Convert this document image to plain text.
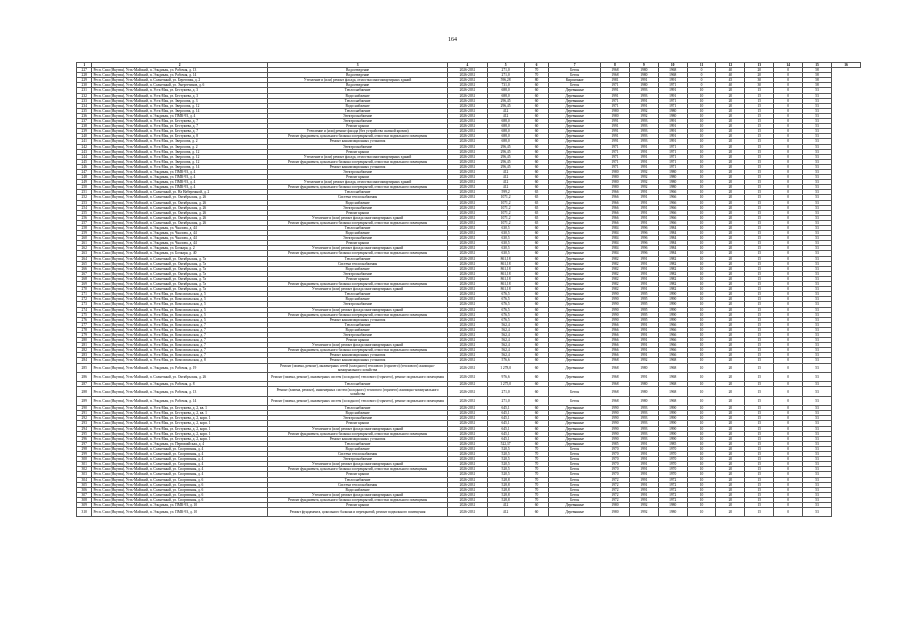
164
1	2	3	4	5	6	7	8	9	10	11	12	13	14	15	16
227	Респ. Саха (Якутия), Усть-Майский, п. Эльдикан, ул. Рабочая, д. 13	Водоотведение	2026-2031	271,0	70	Бетон	1968	1980	1968	0	40	20	0	58	
228	Респ. Саха (Якутия), Усть-Майский, п. Эльдикан, ул. Рабочая, д. 14	Водоотведение	2026-2031	271,0	70	Бетон	1968	1980	1968	0	40	20	0	58	
229	Респ. Саха (Якутия), Усть-Майский, п. Солнечный, ул. Береговая, д. 2	Утепление и (или) ремонт фасада, отмостки многоквартирных зданий	2026-2031	596,28	80	Кирпичные	1981	1991	1991	0	45	30	0	58	
230	Респ. Саха (Якутия), Усть-Майский, п. Солнечный, ул. Энергетиков, д. 6	Водоотведение	2026-2031	731,0	60	Бетон	1971	1980	1971	0	40	30	0	58	
231	Респ. Саха (Якутия), Усть-Майский, п. Усть-Мая, ул. Бестужева, д. 3	Теплоснабжение	2026-2031	688,0	60	Деревянные	1991	1993	1991	10	20	15	0	53	
232	Респ. Саха (Якутия), Усть-Майский, п. Усть-Мая, ул. Бестужева, д. 3	Водоснабжение	2026-2031	688,0	60	Деревянные	1991	1993	1991	10	20	15	0	53	
233	Респ. Саха (Якутия), Усть-Майский, п. Усть-Мая, ул. Зверосова, д. 3	Теплоснабжение	2026-2031	296,45	60	Деревянные	1971	1991	1971	10	20	15	0	53	
234	Респ. Саха (Якутия), Усть-Майский, п. Усть-Мая, ул. Зверосова, д. 12	Водоснабжение	2026-2031	296,45	60	Деревянные	1971	1991	1971	10	20	15	0	53	
235	Респ. Саха (Якутия), Усть-Майский, п. Усть-Мая, ул. Зверосова, д. 14	Теплоснабжение	2026-2031	412	60	Деревянные	1980	1992	1980	10	20	15	0	53	
236	Респ. Саха (Якутия), Усть-Майский, п. Эльдикан, ул. ПМК-93, д. 4	Электроснабжение	2026-2031	412	60	Деревянные	1980	1992	1980	10	20	15	0	53	
237	Респ. Саха (Якутия), Усть-Майский, п. Усть-Мая, ул. Бестужева, д. 7	Электроснабжение	2026-2031	688,0	60	Деревянные	1991	1993	1991	10	20	15	0	53	
238	Респ. Саха (Якутия), Усть-Майский, п. Усть-Мая, ул. Бестужева, д. 7	Ремонт крыши	2026-2031	688,0	60	Деревянные	1991	1993	1991	10	20	15	0	53	
239	Респ. Саха (Якутия), Усть-Майский, п. Усть-Мая, ул. Бестужева, д. 7	Утепление и (или) ремонт фасада (без устройства скатной кровли)	2026-2031	688,0	60	Деревянные	1991	1993	1991	10	20	15	0	53	
240	Респ. Саха (Якутия), Усть-Майский, п. Усть-Мая, ул. Бестужева, д. 8	Ремонт фундамента, цокольного балкона и перекрытий, отмостки подвального помещения	2026-2031	688,0	60	Деревянные	1991	1993	1991	10	20	15	0	53	
241	Респ. Саха (Якутия), Усть-Майский, п. Усть-Мая, ул. Зверосова, д. 2	Ремонт канализационных установок	2026-2031	688,0	60	Деревянные	1991	1993	1991	10	20	15	0	53	
242	Респ. Саха (Якутия), Усть-Майский, п. Усть-Мая, ул. Зверосова, д. 2	Электроснабжение	2026-2031	296,45	60	Деревянные	1971	1991	1971	10	20	15	0	53	
243	Респ. Саха (Якутия), Усть-Майский, п. Усть-Мая, ул. Зверосова, д. 12	Ремонт крыши	2026-2031	296,45	60	Деревянные	1971	1991	1971	10	20	15	0	53	
244	Респ. Саха (Якутия), Усть-Майский, п. Усть-Мая, ул. Зверосова, д. 12	Утепление и (или) ремонт фасада, отмостки многоквартирных зданий	2026-2031	296,45	60	Деревянные	1971	1991	1971	10	20	15	0	53	
245	Респ. Саха (Якутия), Усть-Майский, п. Усть-Мая, ул. Зверосова, д. 12	Ремонт фундамента, цокольного балкона и перекрытий, отмостки подвального помещения	2026-2031	296,45	60	Деревянные	1971	1991	1971	10	20	15	0	53	
246	Респ. Саха (Якутия), Усть-Майский, п. Усть-Мая, ул. Зверосова, д. 14	Ремонт канализационных установок	2026-2031	296,45	60	Деревянные	1971	1991	1971	10	20	15	0	53	
247	Респ. Саха (Якутия), Усть-Майский, п. Эльдикан, ул. ПМК-93, д. 4	Электроснабжение	2026-2031	412	60	Деревянные	1980	1992	1980	10	20	15	0	53	
248	Респ. Саха (Якутия), Усть-Майский, п. Эльдикан, ул. ПМК-93, д. 4	Ремонт крыши	2026-2031	412	60	Деревянные	1980	1992	1980	10	20	15	0	53	
249	Респ. Саха (Якутия), Усть-Майский, п. Эльдикан, ул. ПМК-93, д. 4	Утепление и (или) ремонт фасада, отмостки многоквартирных зданий	2026-2031	412	60	Деревянные	1980	1992	1980	10	20	15	0	53	
250	Респ. Саха (Якутия), Усть-Майский, п. Эльдикан, ул. ПМК-93, д. 4	Ремонт фундамента, цокольного балкона и перекрытий, отмостки подвального помещения	2026-2031	412	60	Деревянные	1980	1992	1980	10	20	15	0	53	
251	Респ. Саха (Якутия), Усть-Майский, п. Солнечный, ул. На Набережной, д. 2	Теплоснабжение	2026-2031	599,2	65	Деревянные	1966	1991	1966	10	20	15	0	53	
252	Респ. Саха (Якутия), Усть-Майский, п. Солнечный, ул. Октябрьская, д. 26	Система теплоснабжения	2026-2031	1071,2	65	Деревянные	1966	1991	1966	10	20	15	0	53	
253	Респ. Саха (Якутия), Усть-Майский, п. Солнечный, ул. Октябрьская, д. 26	Водоснабжение	2026-2031	1071,2	65	Деревянные	1966	1991	1966	10	20	15	0	53	
254	Респ. Саха (Якутия), Усть-Майский, п. Солнечный, ул. Октябрьская, д. 26	Электроснабжение	2026-2031	1071,2	65	Деревянные	1966	1991	1966	10	20	15	0	53	
255	Респ. Саха (Якутия), Усть-Майский, п. Солнечный, ул. Октябрьская, д. 26	Ремонт крыши	2026-2031	1071,2	65	Деревянные	1966	1991	1966	10	20	15	0	53	
256	Респ. Саха (Якутия), Усть-Майский, п. Солнечный, ул. Октябрьская, д. 26	Утепление и (или) ремонт фасада многоквартирных зданий	2026-2031	1071,2	65	Деревянные	1966	1991	1966	10	20	15	0	53	
257	Респ. Саха (Якутия), Усть-Майский, п. Солнечный, ул. Октябрьская, д. 26	Ремонт фундамента, цокольного балкона и перекрытий, отмостки подвального помещения	2026-2031	1071,2	65	Деревянные	1966	1991	1966	10	20	15	0	53	
258	Респ. Саха (Якутия), Усть-Майский, п. Эльдикан, ул. Чкалова, д. 44	Теплоснабжение	2026-2031	630,5	60	Деревянные	1984	1996	1984	10	20	15	0	53	
259	Респ. Саха (Якутия), Усть-Майский, п. Эльдикан, ул. Чкалова, д. 44	Водоснабжение	2026-2031	630,5	60	Деревянные	1984	1996	1984	10	20	15	0	53	
260	Респ. Саха (Якутия), Усть-Майский, п. Эльдикан, ул. Чкалова, д. 44	Электроснабжение	2026-2031	630,5	60	Деревянные	1984	1996	1984	10	20	15	0	53	
261	Респ. Саха (Якутия), Усть-Майский, п. Эльдикан, ул. Чкалова, д. 44	Ремонт крыши	2026-2031	630,5	60	Деревянные	1984	1996	1984	10	20	15	0	53	
262	Респ. Саха (Якутия), Усть-Майский, п. Эльдикан, ул. Бочкаря, д. 2	Утепление и (или) ремонт фасада многоквартирных зданий	2026-2031	630,5	60	Деревянные	1984	1996	1984	10	20	15	0	53	
263	Респ. Саха (Якутия), Усть-Майский, п. Эльдикан, ул. Бочкаря, д. 40	Ремонт фундамента, цокольного балкона и перекрытий, отмостки подвального помещения	2026-2031	630,5	60	Деревянные	1984	1996	1984	10	20	15	0	53	
264	Респ. Саха (Якутия), Усть-Майский, п. Солнечный, ул. Октябрьская, д. 7а	Теплоснабжение	2026-2031	861,18	60	Деревянные	1982	1991	1982	10	20	15	0	53	
265	Респ. Саха (Якутия), Усть-Майский, п. Солнечный, ул. Октябрьская, д. 7а	Система теплоснабжения	2026-2031	861,18	60	Деревянные	1982	1991	1982	10	20	15	0	53	
266	Респ. Саха (Якутия), Усть-Майский, п. Солнечный, ул. Октябрьская, д. 7а	Водоснабжение	2026-2031	861,18	60	Деревянные	1982	1991	1982	10	20	15	0	53	
267	Респ. Саха (Якутия), Усть-Майский, п. Солнечный, ул. Октябрьская, д. 7а	Электроснабжение	2026-2031	861,18	60	Деревянные	1982	1991	1982	10	20	15	0	53	
268	Респ. Саха (Якутия), Усть-Майский, п. Солнечный, ул. Октябрьская, д. 7а	Ремонт крыши	2026-2031	861,18	60	Деревянные	1982	1991	1982	10	20	15	0	53	
269	Респ. Саха (Якутия), Усть-Майский, п. Солнечный, ул. Октябрьская, д. 7а	Ремонт фундамента, цокольного балкона и перекрытий, отмостки подвального помещения	2026-2031	861,18	60	Деревянные	1982	1991	1982	10	20	15	0	53	
270	Респ. Саха (Якутия), Усть-Майский, п. Солнечный, ул. Октябрьская, д. 7а	Утепление и (или) ремонт фасада многоквартирных зданий	2026-2031	861,18	60	Деревянные	1982	1991	1982	10	20	15	0	53	
271	Респ. Саха (Якутия), Усть-Майский, п. Усть-Мая, ул. Комсомольская, д. 5	Теплоснабжение	2026-2031	676,5	60	Деревянные	1990	1995	1990	10	20	15	0	53	
272	Респ. Саха (Якутия), Усть-Майский, п. Усть-Мая, ул. Комсомольская, д. 5	Водоснабжение	2026-2031	676,5	60	Деревянные	1990	1995	1990	10	20	15	0	53	
273	Респ. Саха (Якутия), Усть-Майский, п. Усть-Мая, ул. Комсомольская, д. 5	Электроснабжение	2026-2031	676,5	60	Деревянные	1990	1995	1990	10	20	15	0	53	
274	Респ. Саха (Якутия), Усть-Майский, п. Усть-Мая, ул. Комсомольская, д. 5	Утепление и (или) ремонт фасада многоквартирных зданий	2026-2031	676,5	60	Деревянные	1990	1995	1990	10	20	15	0	53	
275	Респ. Саха (Якутия), Усть-Майский, п. Усть-Мая, ул. Комсомольская, д. 5	Ремонт фундамента, цокольного балкона и перекрытий, отмостки подвального помещения	2026-2031	676,5	60	Деревянные	1990	1995	1990	10	20	15	0	53	
276	Респ. Саха (Якутия), Усть-Майский, п. Усть-Мая, ул. Комсомольская, д. 5	Ремонт канализационных установок	2026-2031	676,5	60	Деревянные	1990	1995	1990	10	20	15	0	53	
277	Респ. Саха (Якутия), Усть-Майский, п. Усть-Мая, ул. Комсомольская, д. 7	Теплоснабжение	2026-2031	562,4	60	Деревянные	1966	1991	1966	10	20	15	0	53	
278	Респ. Саха (Якутия), Усть-Майский, п. Усть-Мая, ул. Комсомольская, д. 7	Водоснабжение	2026-2031	562,4	60	Деревянные	1966	1991	1966	10	20	15	0	53	
279	Респ. Саха (Якутия), Усть-Майский, п. Усть-Мая, ул. Комсомольская, д. 7	Электроснабжение	2026-2031	562,4	60	Деревянные	1966	1991	1966	10	20	15	0	53	
280	Респ. Саха (Якутия), Усть-Майский, п. Усть-Мая, ул. Комсомольская, д. 7	Ремонт крыши	2026-2031	562,4	60	Деревянные	1966	1991	1966	10	20	15	0	53	
281	Респ. Саха (Якутия), Усть-Майский, п. Усть-Мая, ул. Комсомольская, д. 7	Утепление и (или) ремонт фасада многоквартирных зданий	2026-2031	562,4	60	Деревянные	1966	1991	1966	10	20	15	0	53	
282	Респ. Саха (Якутия), Усть-Майский, п. Усть-Мая, ул. Комсомольская, д. 7	Ремонт фундамента, цокольного балкона и перекрытий, отмостки подвального помещения	2026-2031	562,4	60	Деревянные	1966	1991	1966	10	20	15	0	53	
283	Респ. Саха (Якутия), Усть-Майский, п. Усть-Мая, ул. Комсомольская, д. 7	Ремонт канализационных установок	2026-2031	562,4	60	Деревянные	1966	1991	1966	10	20	15	0	53	
284	Респ. Саха (Якутия), Усть-Майский, п. Усть-Мая, ул. Комсомольская, д. 8	Ремонт канализационных установок	2026-2031	576,6	60	Деревянные	1968	1992	1968	10	20	15	0	53	
285	Респ. Саха (Якутия), Усть-Майский, п. Эльдикан, ул. Рабочая, д. 19	Ремонт (замена, ремонт), инженерных сетей (холодного) теплового (горячего) (теплового) жилищно-коммунального хозяйства	2026-2031	1 278,0	60	Деревянные	1968	1980	1968	10	20	15	0	53	
286	Респ. Саха (Якутия), Усть-Майский, п. Солнечный, ул. Октябрьская, д. 26	Ремонт (замена, ремонт), инженерных систем (холодного) теплового (горячего), ремонт подвального помещения	2026-2031	976,6	60	Деревянные	1968	1991	1968	10	20	15	0	53	
287	Респ. Саха (Якутия), Усть-Майский, п. Эльдикан, ул. Рабочая, д. 8	Теплоснабжение	2026-2031	1 275,0	60	Деревянные	1968	1980	1968	10	20	15	0	53	
288	Респ. Саха (Якутия), Усть-Майский, п. Эльдикан, ул. Рабочая, д. 13	Ремонт (замена, ремонт), инженерных систем (холодного) теплового (горячего) жилищно-коммунального хозяйства	2026-2031	271,0	60	Бетон	1968	1980	1968	10	20	15	0	53	
289	Респ. Саха (Якутия), Усть-Майский, п. Эльдикан, ул. Рабочая, д. 14	Ремонт (замена, ремонт), инженерных систем (холодного) теплового (горячего), ремонт подвального помещения	2026-2031	271,0	60	Бетон	1968	1980	1968	10	20	15	0	53	
290	Респ. Саха (Якутия), Усть-Майский, п. Усть-Мая, ул. Бестужева, д. 2, кв. 1	Теплоснабжение	2026-2031	645,1	60	Деревянные	1990	1993	1990	10	20	15	0	53	
291	Респ. Саха (Якутия), Усть-Майский, п. Усть-Мая, ул. Бестужева, д. 2, кв. 1	Водоснабжение	2026-2031	645,1	60	Деревянные	1990	1993	1990	10	20	15	0	53	
292	Респ. Саха (Якутия), Усть-Майский, п. Усть-Мая, ул. Бестужева, д. 2, корп. 1	Электроснабжение	2026-2031	645,1	60	Деревянные	1990	1993	1990	10	20	15	0	53	
293	Респ. Саха (Якутия), Усть-Майский, п. Усть-Мая, ул. Бестужева, д. 2, корп. 1	Ремонт крыши	2026-2031	645,1	60	Деревянные	1990	1993	1990	10	20	15	0	53	
294	Респ. Саха (Якутия), Усть-Майский, п. Усть-Мая, ул. Бестужева, д. 2, корп. 1	Утепление и (или) ремонт фасада многоквартирных зданий	2026-2031	645,1	60	Деревянные	1990	1993	1990	10	20	15	0	53	
295	Респ. Саха (Якутия), Усть-Майский, п. Усть-Мая, ул. Бестужева, д. 2, корп. 1	Ремонт фундамента, цокольного балкона и перекрытий, отмостки подвального помещения	2026-2031	645,1	60	Деревянные	1990	1993	1990	10	20	15	0	53	
296	Респ. Саха (Якутия), Усть-Майский, п. Усть-Мая, ул. Бестужева, д. 2, корп. 1	Ремонт канализационных установок	2026-2031	645,1	60	Деревянные	1990	1993	1990	10	20	15	0	53	
297	Респ. Саха (Якутия), Усть-Майский, п. Эльдикан, ул. Первомайская, д. 4	Теплоснабжение	2026-2031	522,37	60	Деревянные	1985	1991	1985	10	20	15	0	53	
298	Респ. Саха (Якутия), Усть-Майский, п. Солнечный, ул. Спортивная, д. 4	Водоснабжение	2026-2031	520,5	70	Бетон	1970	1991	1970	10	20	15	0	53	
299	Респ. Саха (Якутия), Усть-Майский, п. Солнечный, ул. Спортивная, д. 4	Система теплоснабжения	2026-2031	520,5	70	Бетон	1970	1991	1970	10	20	15	0	53	
300	Респ. Саха (Якутия), Усть-Майский, п. Солнечный, ул. Спортивная, д. 4	Электроснабжение	2026-2031	520,5	70	Бетон	1970	1991	1970	10	20	15	0	53	
301	Респ. Саха (Якутия), Усть-Майский, п. Солнечный, ул. Спортивная, д. 4	Утепление и (или) ремонт фасада многоквартирных зданий	2026-2031	520,5	70	Бетон	1970	1991	1970	10	20	15	0	53	
302	Респ. Саха (Якутия), Усть-Майский, п. Солнечный, ул. Спортивная, д. 4	Ремонт фундамента, цокольного балкона и перекрытий, отмостки подвального помещения	2026-2031	520,5	70	Бетон	1970	1991	1970	10	20	15	0	53	
303	Респ. Саха (Якутия), Усть-Майский, п. Солнечный, ул. Спортивная, д. 4	Ремонт крыши	2026-2031	520,5	70	Бетон	1970	1991	1970	10	20	15	0	53	
304	Респ. Саха (Якутия), Усть-Майский, п. Солнечный, ул. Спортивная, д. 6	Теплоснабжение	2026-2031	528,8	70	Бетон	1972	1991	1972	10	20	15	0	53	
305	Респ. Саха (Якутия), Усть-Майский, п. Солнечный, ул. Спортивная, д. 6	Система теплоснабжения	2026-2031	528,8	70	Бетон	1972	1991	1972	10	20	15	0	53	
306	Респ. Саха (Якутия), Усть-Майский, п. Солнечный, ул. Спортивная, д. 6	Водоснабжение	2026-2031	528,8	70	Бетон	1972	1991	1972	10	20	15	0	53	
307	Респ. Саха (Якутия), Усть-Майский, п. Солнечный, ул. Спортивная, д. 6	Утепление и (или) ремонт фасада многоквартирных зданий	2026-2031	528,8	70	Бетон	1972	1991	1972	10	20	15	0	53	
308	Респ. Саха (Якутия), Усть-Майский, п. Солнечный, ул. Спортивная, д. 6	Ремонт фундамента, цокольного балкона и перекрытий, отмостки подвального помещения	2026-2031	528,8	70	Бетон	1972	1991	1972	10	20	15	0	53	
309	Респ. Саха (Якутия), Усть-Майский, п. Эльдикан, ул. ПМК-93, д. 10	Ремонт крыши	2026-2031	412	60	Деревянные	1980	1992	1980	10	20	15	0	53	
310	Респ. Саха (Якутия), Усть-Майский, п. Эльдикан, ул. ПМК-93, д. 10	Ремонт фундамента, цокольного балкона и перекрытий, ремонт подвального помещения	2026-2031	412	60	Деревянные	1980	1992	1980	10	20	15	0	53	
